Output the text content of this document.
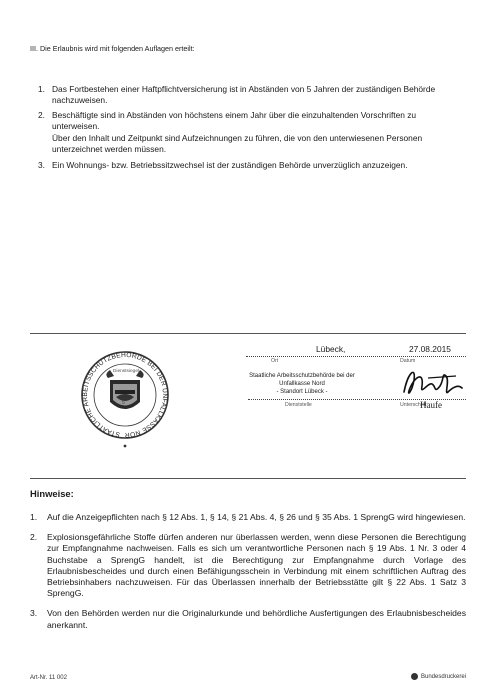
III. Die Erlaubnis wird mit folgenden Auflagen erteilt:
1. Das Fortbestehen einer Haftpflichtversicherung ist in Abständen von 5 Jahren der zuständigen Behörde nachzuweisen.
2. Beschäftigte sind in Abständen von höchstens einem Jahr über die einzuhaltenden Vorschriften zu unterweisen.
Über den Inhalt und Zeitpunkt sind Aufzeichnungen zu führen, die von den unterwiesenen Personen unterzeichnet werden müssen.
3. Ein Wohnungs- bzw. Betriebssitzwechsel ist der zuständigen Behörde unverzüglich anzuzeigen.
STAATLICHE ARBEITSSCHUTZBEHÖRDE BEI DER UNFALLKASSE NOR
Dienstsiegel
5
Lübeck,	27.08.2015
Ort	Datum
Staatliche Arbeitsschutzbehörde bei der
Unfallkasse Nord
- Standort Lübeck -
Dienststelle	Unterschrift
Haufe
Hinweise:
1. Auf die Anzeigepflichten nach § 12 Abs. 1, § 14, § 21 Abs. 4, § 26 und § 35 Abs. 1 SprengG wird hingewiesen.
2. Explosionsgefährliche Stoffe dürfen anderen nur überlassen werden, wenn diese Personen die Berechtigung zur Empfangnahme nachweisen. Falls es sich um verantwortliche Personen nach § 19 Abs. 1 Nr. 3 oder 4 Buchstabe a SprengG handelt, ist die Berechtigung zur Empfangnahme durch Vorlage des Erlaubnisbescheides und durch einen Befähigungsschein in Verbindung mit einem schriftlichen Auftrag des Betriebsinhabers nachzuweisen. Für das Überlassen innerhalb der Betriebsstätte gilt § 22 Abs. 1 Satz 3 SprengG.
3. Von den Behörden werden nur die Originalurkunde und behördliche Ausfertigungen des Erlaubnisbescheides anerkannt.
Art-Nr. 11 002	Bundesdruckerei
